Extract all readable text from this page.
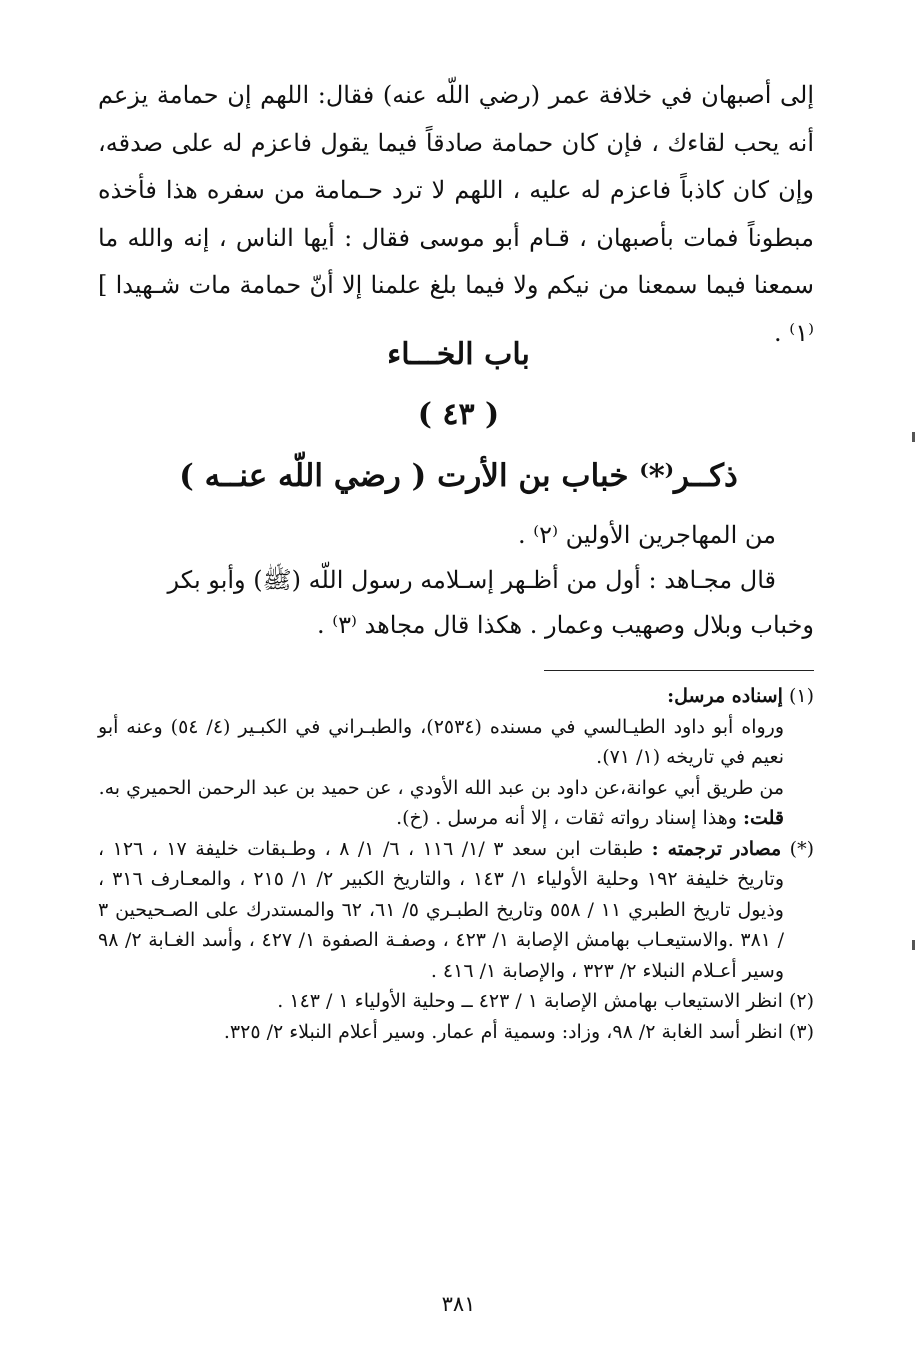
إلى أصبهان في خلافة عمر (رضي اللّه عنه) فقال: اللهم إن حمامة يزعم

أنه يحب لقاءك ، فإن كان حمامة صادقاً فيما يقول فاعزم له على صدقه،

وإن كان كاذباً فاعزم له عليه ، اللهم لا ترد حـمامة من سفره هذا فأخذه

مبطوناً فمات بأصبهان ، قـام أبو موسى فقال : أيها الناس ، إنه والله ما

سمعنا فيما سمعنا من نيكم ولا فيما بلغ علمنا إلا أنّ حمامة مات شـهيدا ]⁽١⁾ .

باب الخـــاء
( ٤٣ )
ذكــر⁽*⁾ خباب بن الأرت ( رضي اللّه عنــه )

من المهاجرين الأولين ⁽٢⁾ .

قال مجـاهد : أول من أظـهر إسـلامه رسول اللّه (ﷺ) وأبو بكر

وخباب وبلال وصهيب وعمار . هكذا قال مجاهد ⁽٣⁾ .

(١) إسناده مرسل:

ورواه أبو داود الطيـالسي في مسنده (٢٥٣٤)، والطبـراني في الكبـير (٤/ ٥٤) وعنه أبو نعيم في تاريخه (١/ ٧١).

من طريق أبي عوانة،عن داود بن عبد الله الأودي ، عن حميد بن عبد الرحمن الحميري به.

قلت: وهذا إسناد رواته ثقات ، إلا أنه مرسل . (خ).

(*) مصادر ترجمته : طبقات ابن سعد ٣ /١/ ١١٦ ، ٦/ ١/ ٨ ، وطـبقات خليفة ١٧ ، ١٢٦ ، وتاريخ خليفة ١٩٢ وحلية الأولياء ١/ ١٤٣ ، والتاريخ الكبير ٢/ ١/ ٢١٥ ، والمعـارف ٣١٦ ، وذيول تاريخ الطبري ١١ / ٥٥٨ وتاريخ الطبـري ٥/ ٦١، ٦٢ والمستدرك على الصـحيحين ٣ / ٣٨١ .والاستيعـاب بهامش الإصابة ١/ ٤٢٣ ، وصفـة الصفوة ١/ ٤٢٧ ، وأسد الغـابة ٢/ ٩٨ وسير أعـلام النبلاء ٢/ ٣٢٣ ، والإصابة ١/ ٤١٦ .

(٢) انظر الاستيعاب بهامش الإصابة ١ / ٤٢٣ ــ وحلية الأولياء ١ / ١٤٣ .

(٣) انظر أسد الغابة ٢/ ٩٨، وزاد: وسمية أم عمار. وسير أعلام النبلاء ٢/ ٣٢٥.

٣٨١
